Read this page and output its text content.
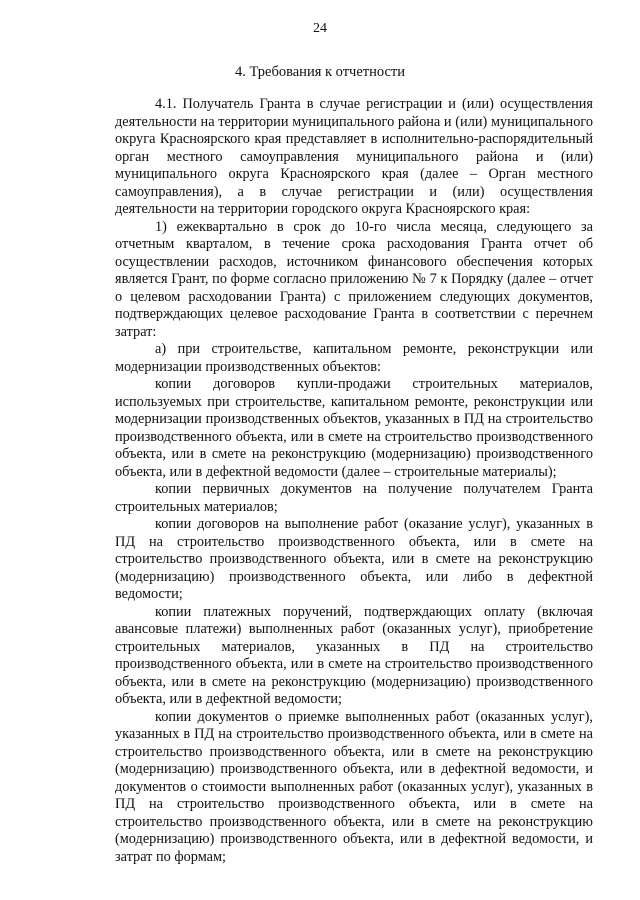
24
4. Требования к отчетности

4.1. Получатель Гранта в случае регистрации и (или) осуществления деятельности на территории муниципального района и (или) муниципального округа Красноярского края представляет в исполнительно-распорядительный орган местного самоуправления муниципального района и (или) муниципального округа Красноярского края (далее – Орган местного самоуправления), а в случае регистрации и (или) осуществления деятельности на территории городского округа Красноярского края:

1) ежеквартально в срок до 10-го числа месяца, следующего за отчетным кварталом, в течение срока расходования Гранта отчет об осуществлении расходов, источником финансового обеспечения которых является Грант, по форме согласно приложению № 7 к Порядку (далее – отчет о целевом расходовании Гранта) с приложением следующих документов, подтверждающих целевое расходование Гранта в соответствии с перечнем затрат:

а) при строительстве, капитальном ремонте, реконструкции или модернизации производственных объектов:

копии договоров купли-продажи строительных материалов, используемых при строительстве, капитальном ремонте, реконструкции или модернизации производственных объектов, указанных в ПД на строительство производственного объекта, или в смете на строительство производственного объекта, или в смете на реконструкцию (модернизацию) производственного объекта, или в дефектной ведомости (далее – строительные материалы);

копии первичных документов на получение получателем Гранта строительных материалов;

копии договоров на выполнение работ (оказание услуг), указанных в ПД на строительство производственного объекта, или в смете на строительство производственного объекта, или в смете на реконструкцию (модернизацию) производственного объекта, или либо в дефектной ведомости;

копии платежных поручений, подтверждающих оплату (включая авансовые платежи) выполненных работ (оказанных услуг), приобретение строительных материалов, указанных в ПД на строительство производственного объекта, или в смете на строительство производственного объекта, или в смете на реконструкцию (модернизацию) производственного объекта, или в дефектной ведомости;

копии документов о приемке выполненных работ (оказанных услуг), указанных в ПД на строительство производственного объекта, или в смете на строительство производственного объекта, или в смете на реконструкцию (модернизацию) производственного объекта, или в дефектной ведомости, и документов о стоимости выполненных работ (оказанных услуг), указанных в ПД на строительство производственного объекта, или в смете на строительство производственного объекта, или в смете на реконструкцию (модернизацию) производственного объекта, или в дефектной ведомости, и затрат по формам;
